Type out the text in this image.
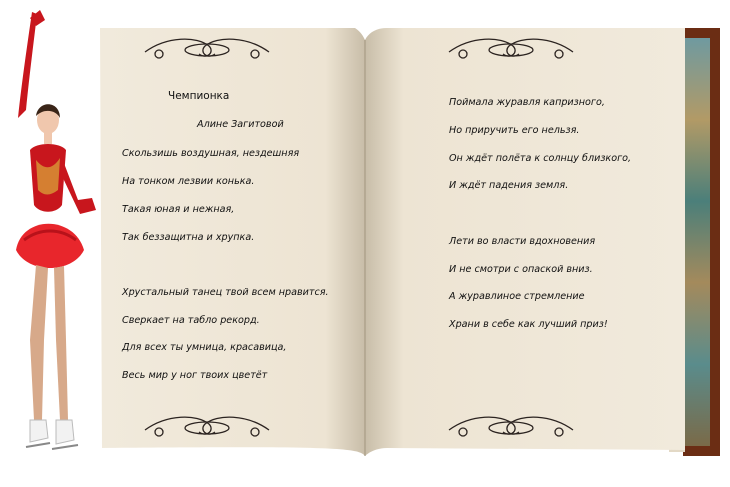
Чемпионка

Алине Загитовой

Скользишь воздушная, нездешняя

На тонком лезвии конька.

Такая юная и нежная,

Так беззащитна и хрупка.

Хрустальный танец твой всем нравится.

Сверкает на табло рекорд.

Для всех ты умница, красавица,

Весь мир у ног твоих цветёт

Поймала журавля капризного,

Но приручить его нельзя.

Он ждёт полёта к солнцу близкого,

И ждёт падения земля.

Лети во власти вдохновения

И не смотри с опаской вниз.

А журавлиное стремление

Храни в себе как лучший приз!
